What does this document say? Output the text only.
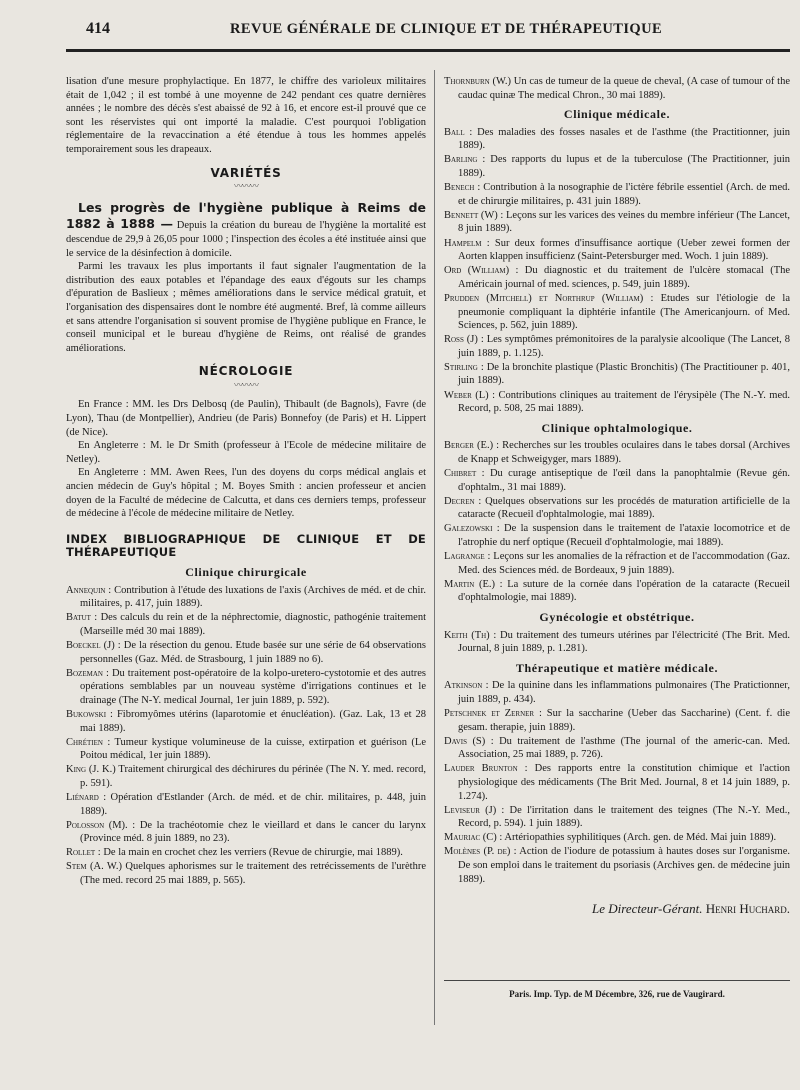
414	REVUE GÉNÉRALE DE CLINIQUE ET DE THÉRAPEUTIQUE

lisation d'une mesure prophylactique. En 1877, le chiffre des varioleux militaires était de 1,042 ; il est tombé à une moyenne de 242 pendant ces quatre dernières années ; le nombre des décès s'est abaissé de 92 à 16, et encore est-il prouvé que ce sont les réservistes qui ont importé la maladie. C'est pourquoi l'obligation réglementaire de la revaccination a été étendue à tous les hommes appelés temporairement sous les drapeaux.

VARIÉTÉS
〰〰〰

Les progrès de l'hygiène publique à Reims de 1882 à 1888 — Depuis la création du bureau de l'hygiène la mortalité est descendue de 29,9 à 26,05 pour 1000 ; l'inspection des écoles a été instituée ainsi que le service de la désinfection à domicile.

Parmi les travaux les plus importants il faut signaler l'augmentation de la distribution des eaux potables et l'épandage des eaux d'égouts sur les champs d'épuration de Baslieux ; mêmes améliorations dans le service médical gratuit, et l'organisation des dispensaires dont le nombre été augmenté. Bref, là comme ailleurs et sans attendre l'organisation si souvent promise de l'hygiène publique en France, le conseil municipal et le bureau d'hygiène de Reims, ont réalisé de grandes améliorations.

NÉCROLOGIE
〰〰〰

En France : MM. les Drs Delbosq (de Paulin), Thibault (de Bagnols), Favre (de Lyon), Thau (de Montpellier), Andrieu (de Paris) Bonnefoy (de Paris) et H. Lippert (de Nice).

En Angleterre : M. le Dr Smith (professeur à l'Ecole de médecine militaire de Netley).

En Angleterre : MM. Awen Rees, l'un des doyens du corps médical anglais et ancien médecin de Guy's hôpital ; M. Boyes Smith : ancien professeur et ancien doyen de la Faculté de médecine de Calcutta, et dans ces derniers temps, professeur de médecine à l'école de médecine militaire de Netley.

INDEX BIBLIOGRAPHIQUE DE CLINIQUE ET DE THÉRAPEUTIQUE
Clinique chirurgicale

Annequin : Contribution à l'étude des luxations de l'axis (Archives de méd. et de chir. militaires, p. 417, juin 1889).

Batut : Des calculs du rein et de la néphrectomie, diagnostic, pathogénie traitement (Marseille méd 30 mai 1889).

Boeckel (J) : De la résection du genou. Etude basée sur une série de 64 observations personnelles (Gaz. Méd. de Strasbourg, 1 juin 1889 no 6).

Bozeman : Du traitement post-opératoire de la kolpo-uretero-cystotomie et des autres opérations semblables par un nouveau système d'irrigations continues et le drainage (The N-Y. medical Journal, 1er juin 1889, p. 592).

Bukowski : Fibromyômes utérins (laparotomie et énucléation). (Gaz. Lak, 13 et 28 mai 1889).

Chrétien : Tumeur kystique volumineuse de la cuisse, extirpation et guérison (Le Poitou médical, 1er juin 1889).

King (J. K.) Traitement chirurgical des déchirures du périnée (The N. Y. med. record, p. 591).

Liénard : Opération d'Estlander (Arch. de méd. et de chir. militaires, p. 448, juin 1889).

Polosson (M). : De la trachéotomie chez le vieillard et dans le cancer du larynx (Province méd. 8 juin 1889, no 23).

Rollet : De la main en crochet chez les verriers (Revue de chirurgie, mai 1889).

Stem (A. W.) Quelques aphorismes sur le traitement des retrécissements de l'urèthre (The med. record 25 mai 1889, p. 565).

Thornburn (W.) Un cas de tumeur de la queue de cheval, (A case of tumour of the caudac quinæ The medical Chron., 30 mai 1889).

Clinique médicale.

Ball : Des maladies des fosses nasales et de l'asthme (the Practitionner, juin 1889).

Barling : Des rapports du lupus et de la tuberculose (The Practitionner, juin 1889).

Benech : Contribution à la nosographie de l'ictère fébrile essentiel (Arch. de med. et de chirurgie militaires, p. 431 juin 1889).

Bennett (W) : Leçons sur les varices des veines du membre inférieur (The Lancet, 8 juin 1889).

Hampelm : Sur deux formes d'insuffisance aortique (Ueber zewei formen der Aorten klappen insufficienz (Saint-Petersburger med. Woch. 1 juin 1889).

Ord (William) : Du diagnostic et du traitement de l'ulcère stomacal (The Américain journal of med. sciences, p. 549, juin 1889).

Prudden (Mitchell) et Northrup (William) : Etudes sur l'étiologie de la pneumonie compliquant la diphtérie infantile (The Americanjourn. of Med. Sciences, p. 562, juin 1889).

Ross (J) : Les symptômes prémonitoires de la paralysie alcoolique (The Lancet, 8 juin 1889, p. 1.125).

Stirling : De la bronchite plastique (Plastic Bronchitis) (The Practitiouner p. 401, juin 1889).

Weber (L) : Contributions cliniques au traitement de l'érysipèle (The N.-Y. med. Record, p. 508, 25 mai 1889).

Clinique ophtalmologique.

Berger (E.) : Recherches sur les troubles oculaires dans le tabes dorsal (Archives de Knapp et Schweigyger, mars 1889).

Chibret : Du curage antiseptique de l'œil dans la panophtalmie (Revue gén. d'ophtalm., 31 mai 1889).

Decren : Quelques observations sur les procédés de maturation artificielle de la cataracte (Recueil d'ophtalmologie, mai 1889).

Galezowski : De la suspension dans le traitement de l'ataxie locomotrice et de l'atrophie du nerf optique (Recueil d'ophtalmologie, mai 1889).

Lagrange : Leçons sur les anomalies de la réfraction et de l'accommodation (Gaz. Med. des Sciences méd. de Bordeaux, 9 juin 1889).

Martin (E.) : La suture de la cornée dans l'opération de la cataracte (Recueil d'ophtalmologie, mai 1889).

Gynécologie et obstétrique.

Keith (Th) : Du traitement des tumeurs utérines par l'électricité (The Brit. Med. Journal, 8 juin 1889, p. 1.281).

Thérapeutique et matière médicale.

Atkinson : De la quinine dans les inflammations pulmonaires (The Pratictionner, juin 1889, p. 434).

Petschnek et Zerner : Sur la saccharine (Ueber das Saccharine) (Cent. f. die gesam. therapie, juin 1889).

Davis (S) : Du traitement de l'asthme (The journal of the americ-can. Med. Association, 25 mai 1889, p. 726).

Lauder Brunton : Des rapports entre la constitution chimique et l'action physiologique des médicaments (The Brit Med. Journal, 8 et 14 juin 1889, p. 1.274).

Leviseur (J) : De l'irritation dans le traitement des teignes (The N.-Y. Med., Record, p. 594). 1 juin 1889).

Mauriac (C) : Artériopathies syphilitiques (Arch. gen. de Méd. Mai juin 1889).

Molènes (P. de) : Action de l'iodure de potassium à hautes doses sur l'organisme. De son emploi dans le traitement du psoriasis (Archives gen. de médecine juin 1889).

Le Directeur-Gérant. Henri Huchard.
Paris. Imp. Typ. de M Décembre, 326, rue de Vaugirard.
